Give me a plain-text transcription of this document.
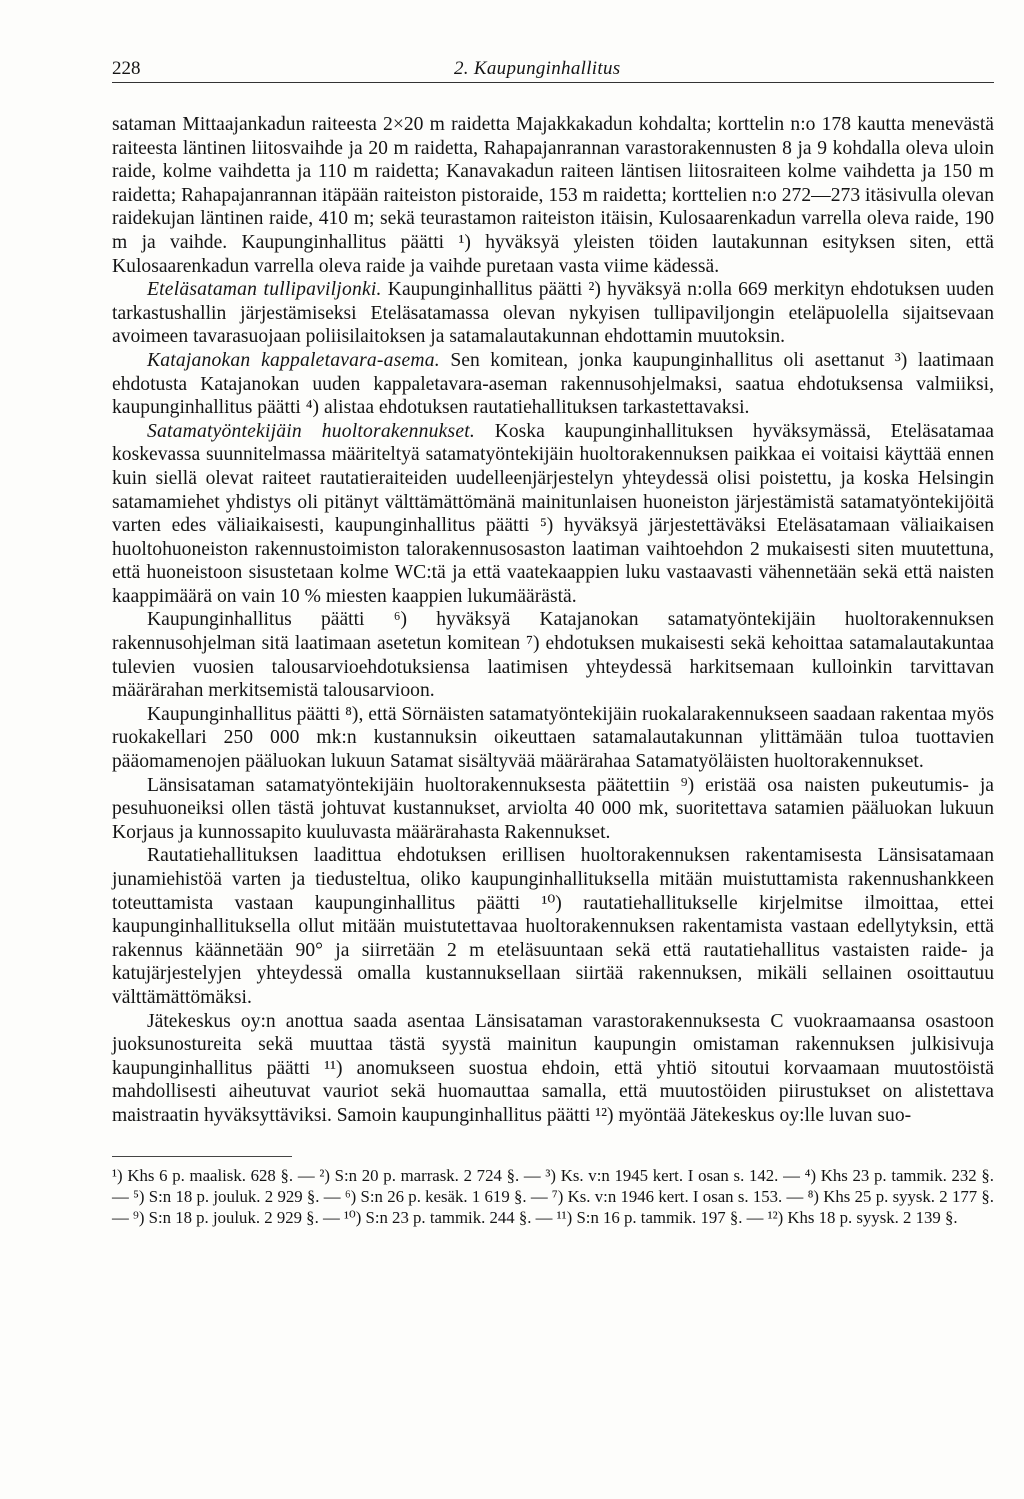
228	2. Kaupunginhallitus

sataman Mittaajankadun raiteesta 2×20 m raidetta Majakkakadun kohdalta; korttelin n:o 178 kautta menevästä raiteesta läntinen liitosvaihde ja 20 m raidetta, Rahapajanrannan varastorakennusten 8 ja 9 kohdalla oleva uloin raide, kolme vaihdetta ja 110 m raidetta; Kanavakadun raiteen läntisen liitosraiteen kolme vaihdetta ja 150 m raidetta; Rahapajanrannan itäpään raiteiston pistoraide, 153 m raidetta; korttelien n:o 272—273 itäsivulla olevan raidekujan läntinen raide, 410 m; sekä teurastamon raiteiston itäisin, Kulosaarenkadun varrella oleva raide, 190 m ja vaihde. Kaupunginhallitus päätti ¹) hyväksyä yleisten töiden lautakunnan esityksen siten, että Kulosaarenkadun varrella oleva raide ja vaihde puretaan vasta viime kädessä.

Eteläsataman tullipaviljonki. Kaupunginhallitus päätti ²) hyväksyä n:olla 669 merkityn ehdotuksen uuden tarkastushallin järjestämiseksi Eteläsatamassa olevan nykyisen tullipaviljongin eteläpuolella sijaitsevaan avoimeen tavarasuojaan poliisilaitoksen ja satamalautakunnan ehdottamin muutoksin.

Katajanokan kappaletavara-asema. Sen komitean, jonka kaupunginhallitus oli asettanut ³) laatimaan ehdotusta Katajanokan uuden kappaletavara-aseman rakennusohjelmaksi, saatua ehdotuksensa valmiiksi, kaupunginhallitus päätti ⁴) alistaa ehdotuksen rautatiehallituksen tarkastettavaksi.

Satamatyöntekijäin huoltorakennukset. Koska kaupunginhallituksen hyväksymässä, Eteläsatamaa koskevassa suunnitelmassa määriteltyä satamatyöntekijäin huoltorakennuksen paikkaa ei voitaisi käyttää ennen kuin siellä olevat raiteet rautatieraiteiden uudelleenjärjestelyn yhteydessä olisi poistettu, ja koska Helsingin satamamiehet yhdistys oli pitänyt välttämättömänä mainitunlaisen huoneiston järjestämistä satamatyöntekijöitä varten edes väliaikaisesti, kaupunginhallitus päätti ⁵) hyväksyä järjestettäväksi Eteläsatamaan väliaikaisen huoltohuoneiston rakennustoimiston talorakennusosaston laatiman vaihtoehdon 2 mukaisesti siten muutettuna, että huoneistoon sisustetaan kolme WC:tä ja että vaatekaappien luku vastaavasti vähennetään sekä että naisten kaappimäärä on vain 10 % miesten kaappien lukumäärästä.

Kaupunginhallitus päätti ⁶) hyväksyä Katajanokan satamatyöntekijäin huoltorakennuksen rakennusohjelman sitä laatimaan asetetun komitean ⁷) ehdotuksen mukaisesti sekä kehoittaa satamalautakuntaa tulevien vuosien talousarvioehdotuksiensa laatimisen yhteydessä harkitsemaan kulloinkin tarvittavan määrärahan merkitsemistä talousarvioon.

Kaupunginhallitus päätti ⁸), että Sörnäisten satamatyöntekijäin ruokalarakennukseen saadaan rakentaa myös ruokakellari 250 000 mk:n kustannuksin oikeuttaen satamalautakunnan ylittämään tuloa tuottavien pääomamenojen pääluokan lukuun Satamat sisältyvää määrärahaa Satamatyöläisten huoltorakennukset.

Länsisataman satamatyöntekijäin huoltorakennuksesta päätettiin ⁹) eristää osa naisten pukeutumis- ja pesuhuoneiksi ollen tästä johtuvat kustannukset, arviolta 40 000 mk, suoritettava satamien pääluokan lukuun Korjaus ja kunnossapito kuuluvasta määrärahasta Rakennukset.

Rautatiehallituksen laadittua ehdotuksen erillisen huoltorakennuksen rakentamisesta Länsisatamaan junamiehistöä varten ja tiedusteltua, oliko kaupunginhallituksella mitään muistuttamista rakennushankkeen toteuttamista vastaan kaupunginhallitus päätti ¹⁰) rautatiehallitukselle kirjelmitse ilmoittaa, ettei kaupunginhallituksella ollut mitään muistutettavaa huoltorakennuksen rakentamista vastaan edellytyksin, että rakennus käännetään 90° ja siirretään 2 m eteläsuuntaan sekä että rautatiehallitus vastaisten raide- ja katujärjestelyjen yhteydessä omalla kustannuksellaan siirtää rakennuksen, mikäli sellainen osoittautuu välttämättömäksi.

Jätekeskus oy:n anottua saada asentaa Länsisataman varastorakennuksesta C vuokraamaansa osastoon juoksunostureita sekä muuttaa tästä syystä mainitun kaupungin omistaman rakennuksen julkisivuja kaupunginhallitus päätti ¹¹) anomukseen suostua ehdoin, että yhtiö sitoutui korvaamaan muutostöistä mahdollisesti aiheutuvat vauriot sekä huomauttaa samalla, että muutostöiden piirustukset on alistettava maistraatin hyväksyttäviksi. Samoin kaupunginhallitus päätti ¹²) myöntää Jätekeskus oy:lle luvan suo-

¹) Khs 6 p. maalisk. 628 §. — ²) S:n 20 p. marrask. 2 724 §. — ³) Ks. v:n 1945 kert. I osan s. 142. — ⁴) Khs 23 p. tammik. 232 §. — ⁵) S:n 18 p. jouluk. 2 929 §. — ⁶) S:n 26 p. kesäk. 1 619 §. — ⁷) Ks. v:n 1946 kert. I osan s. 153. — ⁸) Khs 25 p. syysk. 2 177 §. — ⁹) S:n 18 p. jouluk. 2 929 §. — ¹⁰) S:n 23 p. tammik. 244 §. — ¹¹) S:n 16 p. tammik. 197 §. — ¹²) Khs 18 p. syysk. 2 139 §.
